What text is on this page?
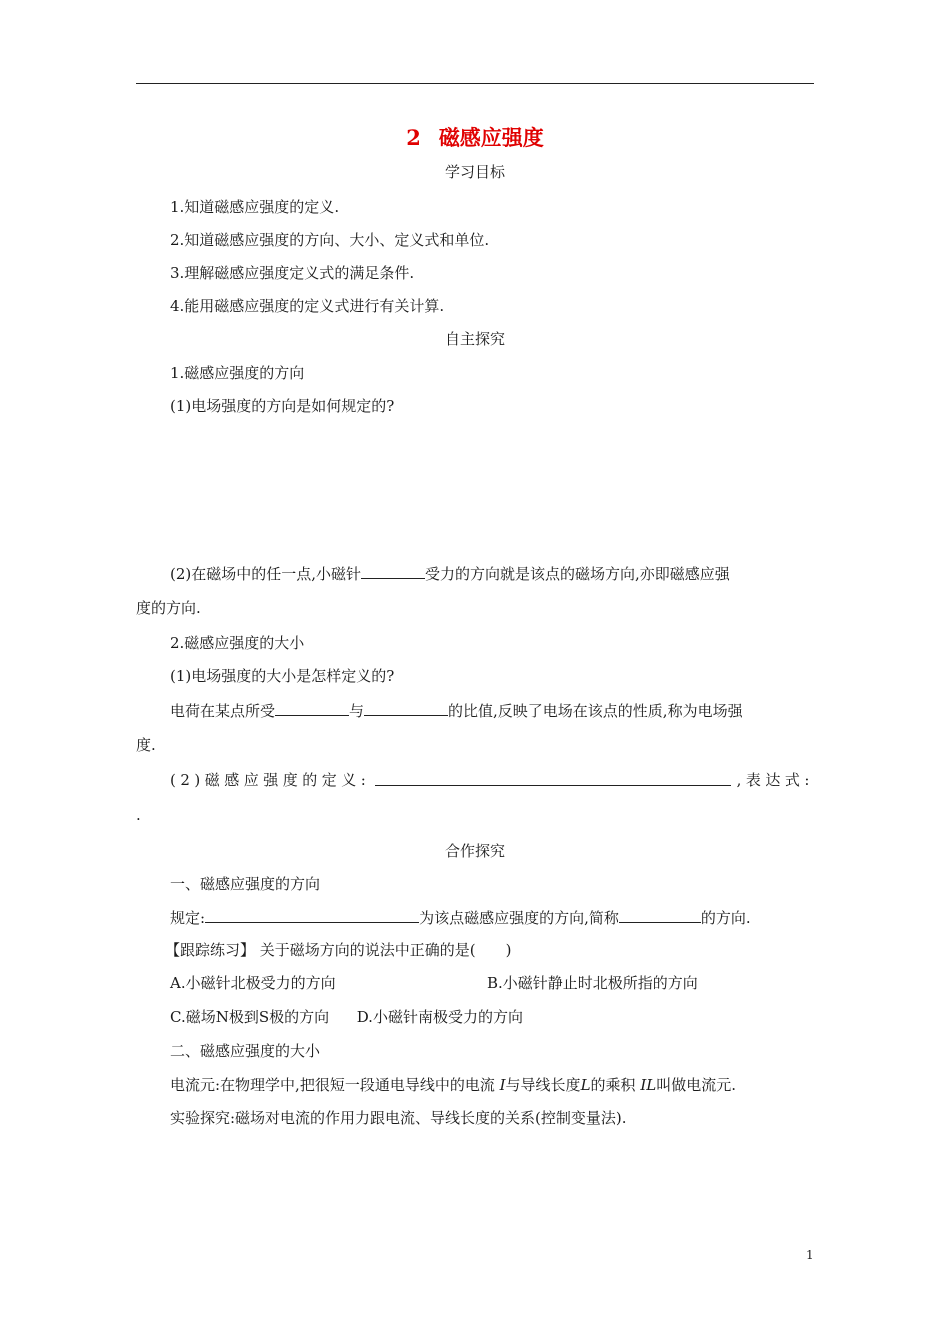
2 磁感应强度
学习目标
1.知道磁感应强度的定义.
2.知道磁感应强度的方向、大小、定义式和单位.
3.理解磁感应强度定义式的满足条件.
4.能用磁感应强度的定义式进行有关计算.
自主探究
1.磁感应强度的方向
(1)电场强度的方向是如何规定的?
(2)在磁场中的任一点,小磁针	受力的方向就是该点的磁场方向,亦即磁感应强
度的方向.
2.磁感应强度的大小
(1)电场强度的大小是怎样定义的?
电荷在某点所受	与	的比值,反映了电场在该点的性质,称为电场强
度.
(2)磁感应强度的定义:	,表达式:
.
合作探究
一、磁感应强度的方向
规定:	为该点磁感应强度的方向,简称	的方向.
【跟踪练习】 关于磁场方向的说法中正确的是(　　)
A.小磁针北极受力的方向	B.小磁针静止时北极所指的方向
C.磁场N极到S极的方向 D.小磁针南极受力的方向
二、磁感应强度的大小
电流元:在物理学中,把很短一段通电导线中的电流 I与导线长度L的乘积 IL叫做电流元.
实验探究:磁场对电流的作用力跟电流、导线长度的关系(控制变量法).
1
